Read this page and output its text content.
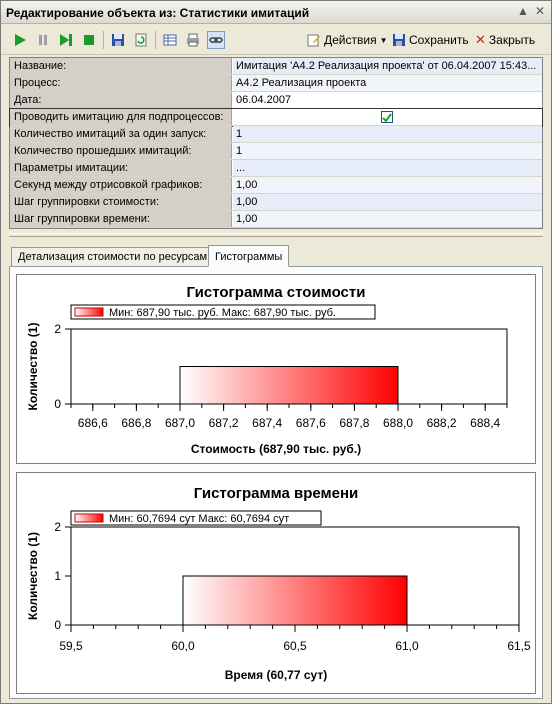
Редактирование объекта из: Статистики имитаций	▲ ✕
Действия ▼ Сохранить ✕ Закрыть
Название:	Имитация 'А4.2 Реализация проекта' от 06.04.2007 15:43...
Процесс:	А4.2 Реализация проекта
Дата:	06.04.2007
Проводить имитацию для подпроцессов:
Количество имитаций за один запуск:	1
Количество прошедших имитаций:	1
Параметры имитации:	...
Секунд между отрисовкой графиков:	1,00
Шаг группировки стоимости:	1,00
Шаг группировки времени:	1,00
Детализация стоимости по ресурсам Гистограммы
Гистограмма стоимости
Мин: 687,90 тыс. руб. Макс: 687,90 тыс. руб.
686,6 686,8 687,0 687,2 687,4 687,6 687,8 688,0 688,2 688,4
0
2
Стоимость (687,90 тыс. руб.)
Количество (1)
Гистограмма времени
Мин: 60,7694 сут Макс: 60,7694 сут
59,5	60,0	60,5	61,0	61,5
0
1
2
Время (60,77 сут)
Количество (1)
